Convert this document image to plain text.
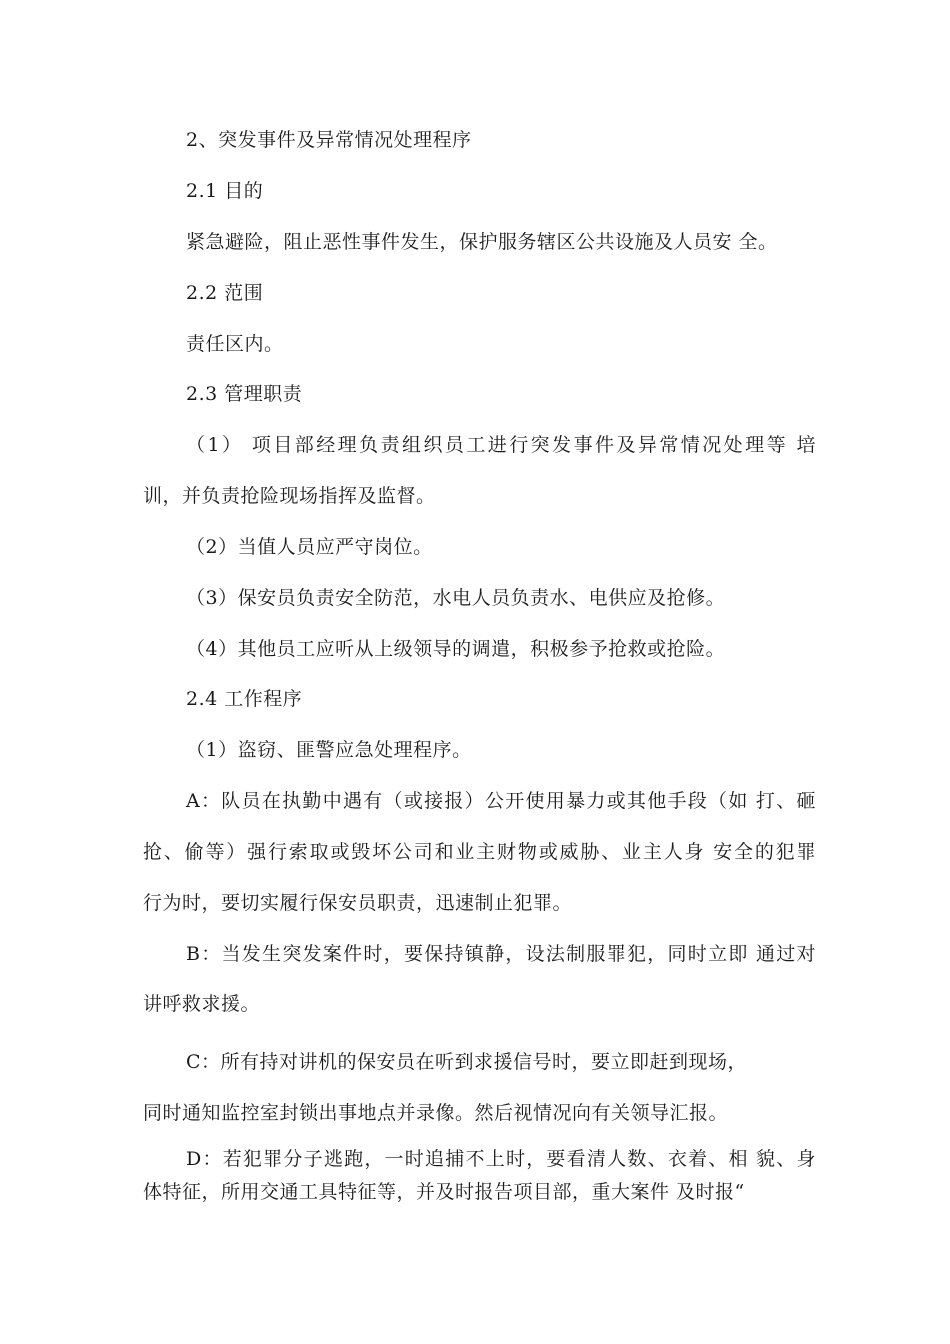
2、突发事件及异常情况处理程序
2.1 目的
紧急避险，阻止恶性事件发生，保护服务辖区公共设施及人员安 全。
2.2 范围
责任区内。
2.3 管理职责
（1） 项目部经理负责组织员工进行突发事件及异常情况处理等 培
训，并负责抢险现场指挥及监督。
（2）当值人员应严守岗位。
（3）保安员负责安全防范，水电人员负责水、电供应及抢修。
（4）其他员工应听从上级领导的调遣，积极参予抢救或抢险。
2.4 工作程序
（1）盗窃、匪警应急处理程序。
A：队员在执勤中遇有（或接报）公开使用暴力或其他手段（如 打、砸
抢、偷等）强行索取或毁坏公司和业主财物或威胁、业主人身 安全的犯罪
行为时，要切实履行保安员职责，迅速制止犯罪。
B：当发生突发案件时，要保持镇静，设法制服罪犯，同时立即 通过对
讲呼救求援。
C：所有持对讲机的保安员在听到求援信号时，要立即赶到现场，
同时通知监控室封锁出事地点并录像。然后视情况向有关领导汇报。
D：若犯罪分子逃跑，一时追捕不上时，要看清人数、衣着、相 貌、身
体特征，所用交通工具特征等，并及时报告项目部，重大案件 及时报“
